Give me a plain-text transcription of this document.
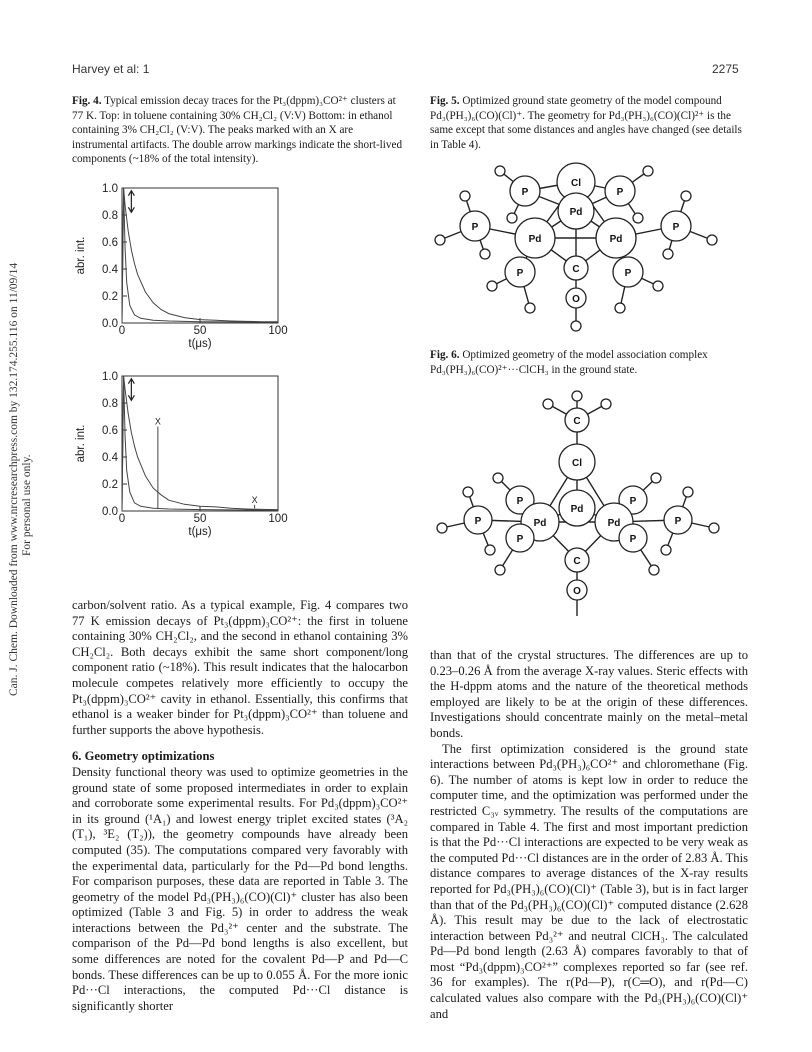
Harvey et al: 1	2275
Can. J. Chem. Downloaded from www.nrcresearchpress.com by 132.174.255.116 on 11/09/14 For personal use only.
Fig. 4. Typical emission decay traces for the Pt₃(dppm)₃CO²⁺ clusters at 77 K. Top: in toluene containing 30% CH₂Cl₂ (V:V) Bottom: in ethanol containing 3% CH₂Cl₂ (V:V). The peaks marked with an X are instrumental artifacts. The double arrow markings indicate the short-lived components (~18% of the total intensity).
0.0
0.2
0.4
0.6
0.8
1.0
0	50	100
t(μs)
abr. int.
0.0
0.2
0.4
0.6
0.8
1.0
0	50	100
t(μs)
abr. int.
X
X
Fig. 5. Optimized ground state geometry of the model compound Pd₃(PH₃)₆(CO)(Cl)⁺. The geometry for Pd₃(PH₃)₆(CO)(Cl)²⁺ is the same except that some distances and angles have changed (see details in Table 4).
Cl
P	P
Pd
P
Pd	Pd
P
C
P	P
O
Fig. 6. Optimized geometry of the model association complex Pd₃(PH₃)₆(CO)²⁺···ClCH₃ in the ground state.
C
Cl
P	P
P
Pd
Pd	Pd	P
P	P
C
O

carbon/solvent ratio. As a typical example, Fig. 4 compares two 77 K emission decays of Pt₃(dppm)₃CO²⁺: the first in toluene containing 30% CH₂Cl₂, and the second in ethanol containing 3% CH₂Cl₂. Both decays exhibit the same short component/long component ratio (~18%). This result indicates that the halocarbon molecule competes relatively more efficiently to occupy the Pt₃(dppm)₃CO²⁺ cavity in ethanol. Essentially, this confirms that ethanol is a weaker binder for Pt₃(dppm)₃CO²⁺ than toluene and further supports the above hypothesis.

6. Geometry optimizations

Density functional theory was used to optimize geometries in the ground state of some proposed intermediates in order to explain and corroborate some experimental results. For Pd₃(dppm)₃CO²⁺ in its ground (¹A₁) and lowest energy triplet excited states (³A₂ (T₁), ³E₂ (T₂)), the geometry compounds have already been computed (35). The computations compared very favorably with the experimental data, particularly for the Pd—Pd bond lengths. For comparison purposes, these data are reported in Table 3. The geometry of the model Pd₃(PH₃)₆(CO)(Cl)⁺ cluster has also been optimized (Table 3 and Fig. 5) in order to address the weak interactions between the Pd₃²⁺ center and the substrate. The comparison of the Pd—Pd bond lengths is also excellent, but some differences are noted for the covalent Pd—P and Pd—C bonds. These differences can be up to 0.055 Å. For the more ionic Pd···Cl interactions, the computed Pd···Cl distance is significantly shorter

than that of the crystal structures. The differences are up to 0.23–0.26 Å from the average X-ray values. Steric effects with the H-dppm atoms and the nature of the theoretical methods employed are likely to be at the origin of these differences. Investigations should concentrate mainly on the metal–metal bonds.

The first optimization considered is the ground state interactions between Pd₃(PH₃)₆CO²⁺ and chloromethane (Fig. 6). The number of atoms is kept low in order to reduce the computer time, and the optimization was performed under the restricted C₃ᵥ symmetry. The results of the computations are compared in Table 4. The first and most important prediction is that the Pd···Cl interactions are expected to be very weak as the computed Pd···Cl distances are in the order of 2.83 Å. This distance compares to average distances of the X-ray results reported for Pd₃(PH₃)₆(CO)(Cl)⁺ (Table 3), but is in fact larger than that of the Pd₃(PH₃)₆(CO)(Cl)⁺ computed distance (2.628 Å). This result may be due to the lack of electrostatic interaction between Pd₃²⁺ and neutral ClCH₃. The calculated Pd—Pd bond length (2.63 Å) compares favorably to that of most “Pd₃(dppm)₃CO²⁺” complexes reported so far (see ref. 36 for examples). The r(Pd—P), r(C═O), and r(Pd—C) calculated values also compare with the Pd₃(PH₃)₆(CO)(Cl)⁺ and
